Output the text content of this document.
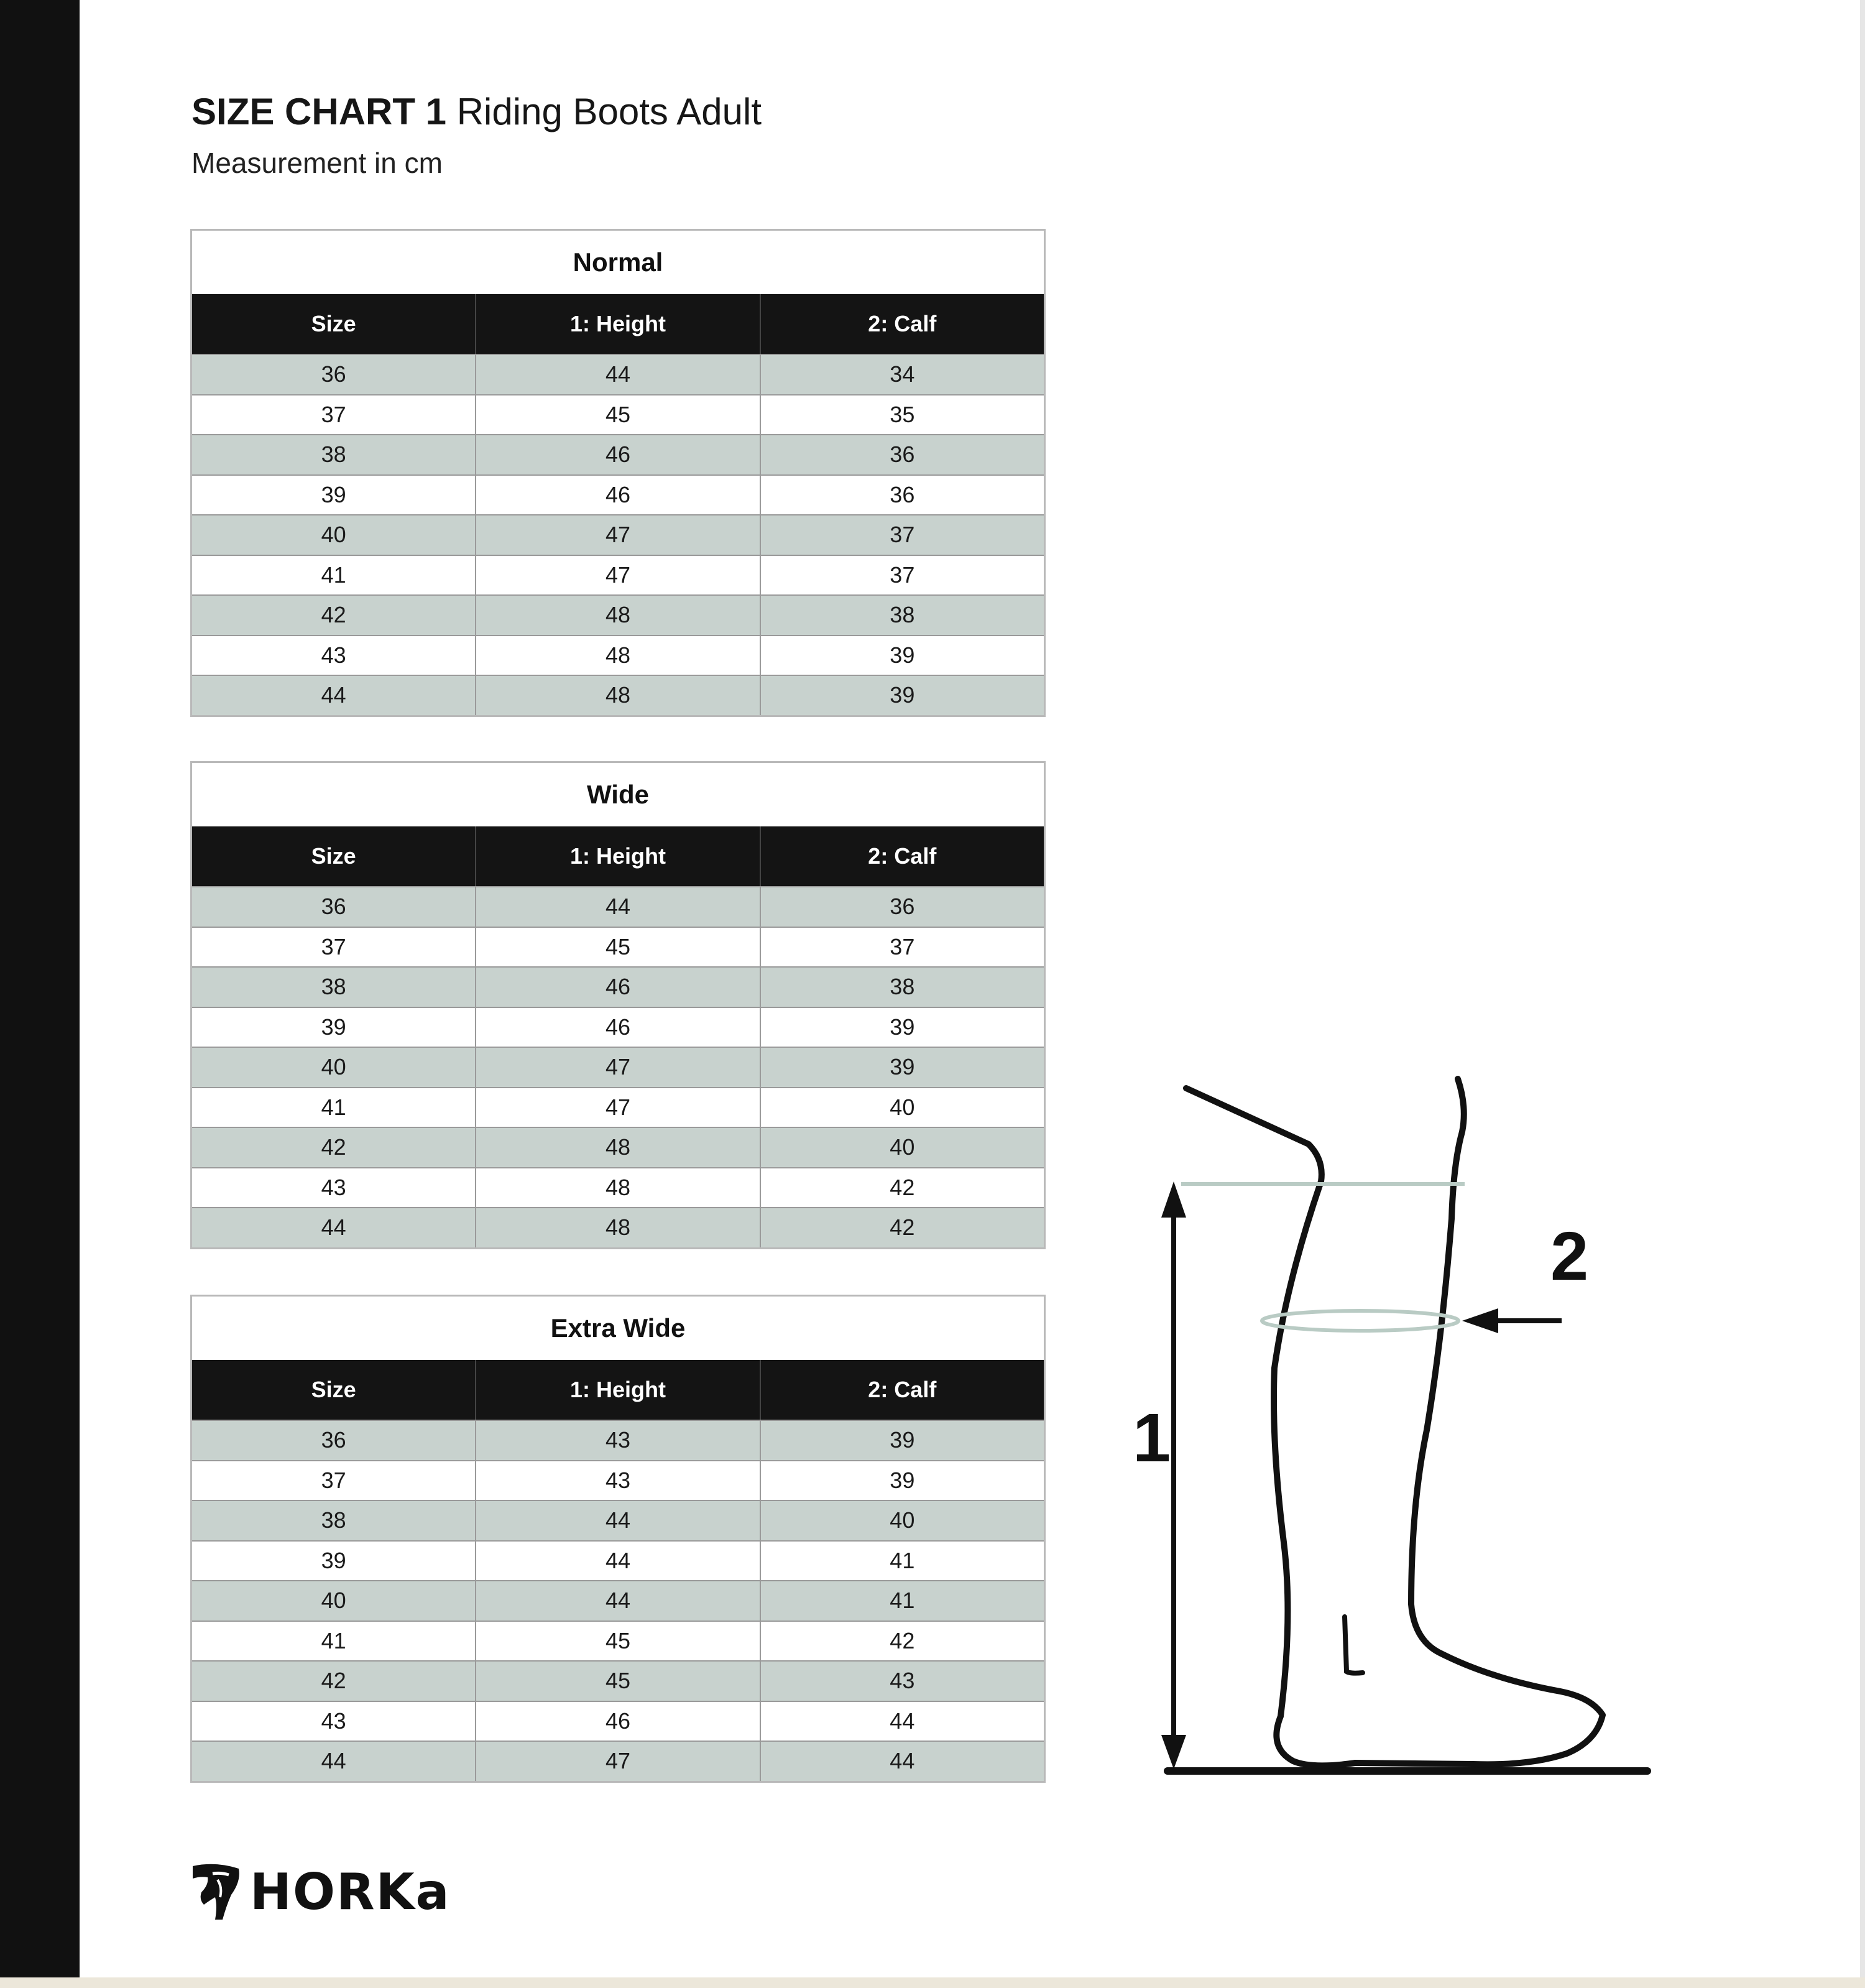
SIZE CHART 1 Riding Boots Adult
Measurement in cm
Normal
Size	1: Height	2: Calf
36	44	34
37	45	35
38	46	36
39	46	36
40	47	37
41	47	37
42	48	38
43	48	39
44	48	39
Wide
Size	1: Height	2: Calf
36	44	36
37	45	37
38	46	38
39	46	39
40	47	39
41	47	40
42	48	40
43	48	42
44	48	42
Extra Wide
Size	1: Height	2: Calf
36	43	39
37	43	39
38	44	40
39	44	41
40	44	41
41	45	42
42	45	43
43	46	44
44	47	44
1
2
HORKa
